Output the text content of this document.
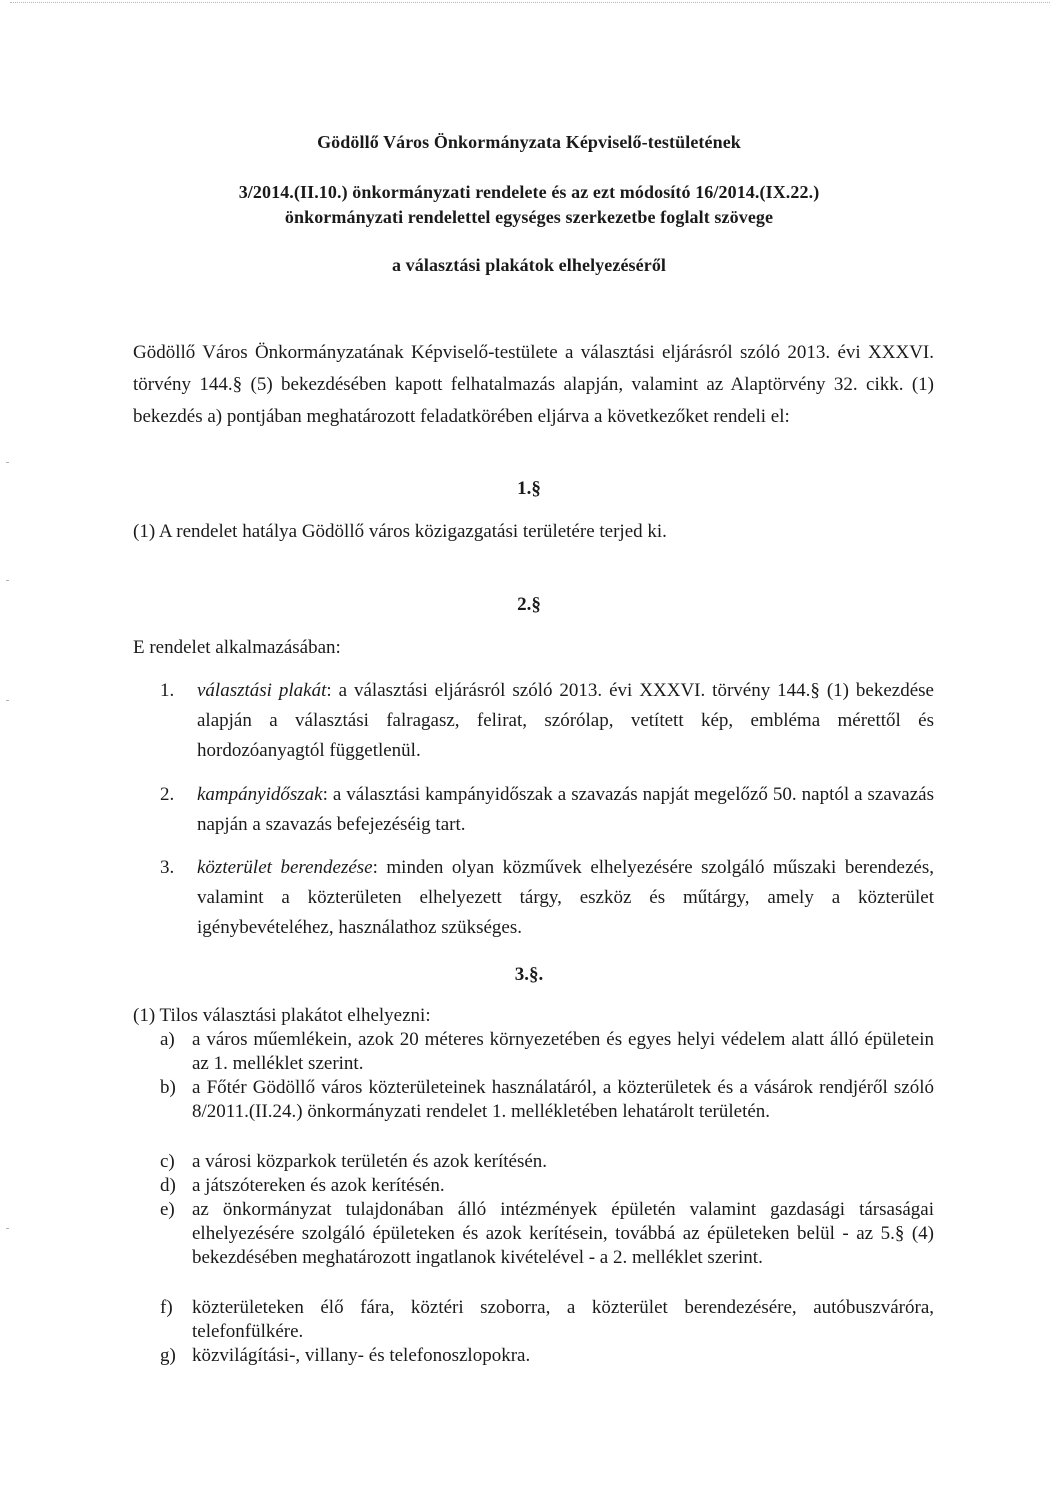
Gödöllő Város Önkormányzata Képviselő-testületének
3/2014.(II.10.) önkormányzati rendelete és az ezt módosító 16/2014.(IX.22.)
önkormányzati rendelettel egységes szerkezetbe foglalt szövege
a választási plakátok elhelyezéséről
Gödöllő Város Önkormányzatának Képviselő-testülete a választási eljárásról szóló 2013. évi XXXVI. törvény 144.§ (5) bekezdésében kapott felhatalmazás alapján, valamint az Alaptörvény 32. cikk. (1) bekezdés a) pontjában meghatározott feladatkörében eljárva a következőket rendeli el:
1.§
(1) A rendelet hatálya Gödöllő város közigazgatási területére terjed ki.
2.§
E rendelet alkalmazásában:
1. választási plakát: a választási eljárásról szóló 2013. évi XXXVI. törvény 144.§ (1) bekezdése alapján a választási falragasz, felirat, szórólap, vetített kép, embléma mérettől és hordozóanyagtól függetlenül.
2. kampányidőszak: a választási kampányidőszak a szavazás napját megelőző 50. naptól a szavazás napján a szavazás befejezéséig tart.
3. közterület berendezése: minden olyan közművek elhelyezésére szolgáló műszaki berendezés, valamint a közterületen elhelyezett tárgy, eszköz és műtárgy, amely a közterület igénybevételéhez, használathoz szükséges.
3.§.
(1) Tilos választási plakátot elhelyezni:
a) a város műemlékein, azok 20 méteres környezetében és egyes helyi védelem alatt álló épületein az 1. melléklet szerint.
b) a Főtér Gödöllő város közterületeinek használatáról, a közterületek és a vásárok rendjéről szóló 8/2011.(II.24.) önkormányzati rendelet 1. mellékletében lehatárolt területén.
c) a városi közparkok területén és azok kerítésén.
d) a játszótereken és azok kerítésén.
e) az önkormányzat tulajdonában álló intézmények épületén valamint gazdasági társaságai elhelyezésére szolgáló épületeken és azok kerítésein, továbbá az épületeken belül - az 5.§ (4) bekezdésében meghatározott ingatlanok kivételével - a 2. melléklet szerint.
f) közterületeken élő fára, köztéri szoborra, a közterület berendezésére, autóbuszváróra, telefonfülkére.
g) közvilágítási-, villany- és telefonoszlopokra.
